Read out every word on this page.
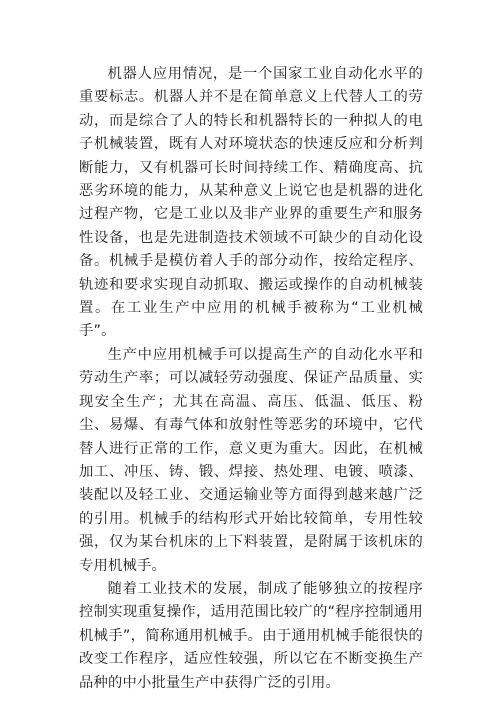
机器人应用情况，是一个国家工业自动化水平的重要标志。机器人并不是在简单意义上代替人工的劳动，而是综合了人的特长和机器特长的一种拟人的电子机械装置，既有人对环境状态的快速反应和分析判断能力，又有机器可长时间持续工作、精确度高、抗恶劣环境的能力，从某种意义上说它也是机器的进化过程产物，它是工业以及非产业界的重要生产和服务性设备，也是先进制造技术领域不可缺少的自动化设备。机械手是模仿着人手的部分动作，按给定程序、轨迹和要求实现自动抓取、搬运或操作的自动机械装置。在工业生产中应用的机械手被称为“工业机械手”。

生产中应用机械手可以提高生产的自动化水平和劳动生产率；可以减轻劳动强度、保证产品质量、实现安全生产；尤其在高温、高压、低温、低压、粉尘、易爆、有毒气体和放射性等恶劣的环境中，它代替人进行正常的工作，意义更为重大。因此，在机械加工、冲压、铸、锻、焊接、热处理、电镀、喷漆、装配以及轻工业、交通运输业等方面得到越来越广泛的引用。机械手的结构形式开始比较简单，专用性较强，仅为某台机床的上下料装置，是附属于该机床的专用机械手。

随着工业技术的发展，制成了能够独立的按程序控制实现重复操作，适用范围比较广的“程序控制通用机械手”，简称通用机械手。由于通用机械手能很快的改变工作程序，适应性较强，所以它在不断变换生产品种的中小批量生产中获得广泛的引用。
